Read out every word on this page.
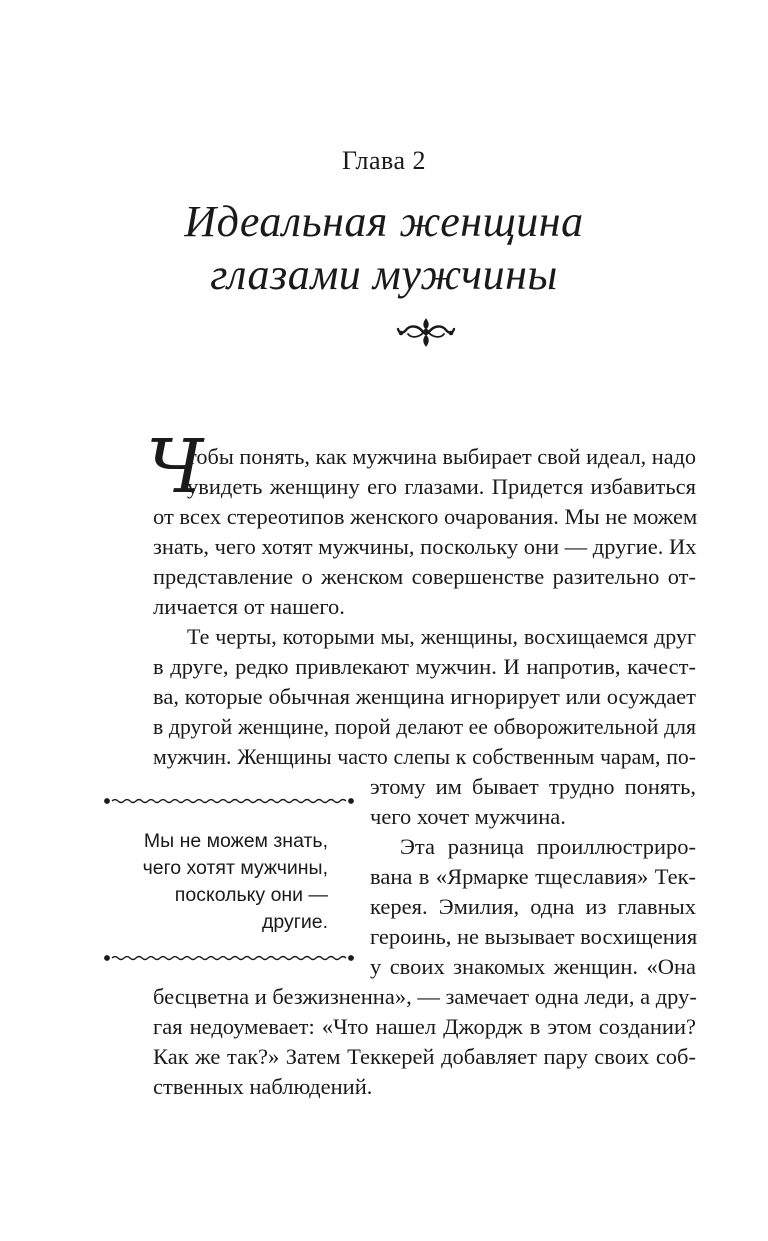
Глава 2
Идеальная женщина
глазами мужчины
Ч
тобы понять, как мужчина выбирает свой идеал, надо
увидеть женщину его глазами. Придется избавиться
от всех стереотипов женского очарования. Мы не можем
знать, чего хотят мужчины, поскольку они — другие. Их
представление о женском совершенстве разительно от-
личается от нашего.
Те черты, которыми мы, женщины, восхищаемся друг
в друге, редко привлекают мужчин. И напротив, качест-
ва, которые обычная женщина игнорирует или осуждает
в другой женщине, порой делают ее обворожительной для
мужчин. Женщины часто слепы к собственным чарам, по-
этому им бывает трудно понять,
чего хочет мужчина.
Эта разница проиллюстриро-
вана в «Ярмарке тщеславия» Тек-
керея. Эмилия, одна из главных
героинь, не вызывает восхищения
у своих знакомых женщин. «Она
бесцветна и безжизненна», — замечает одна леди, а дру-
гая недоумевает: «Что нашел Джордж в этом создании?
Как же так?» Затем Теккерей добавляет пару своих соб-
ственных наблюдений.
Мы не можем знать,
чего хотят мужчины,
поскольку они —
другие.
